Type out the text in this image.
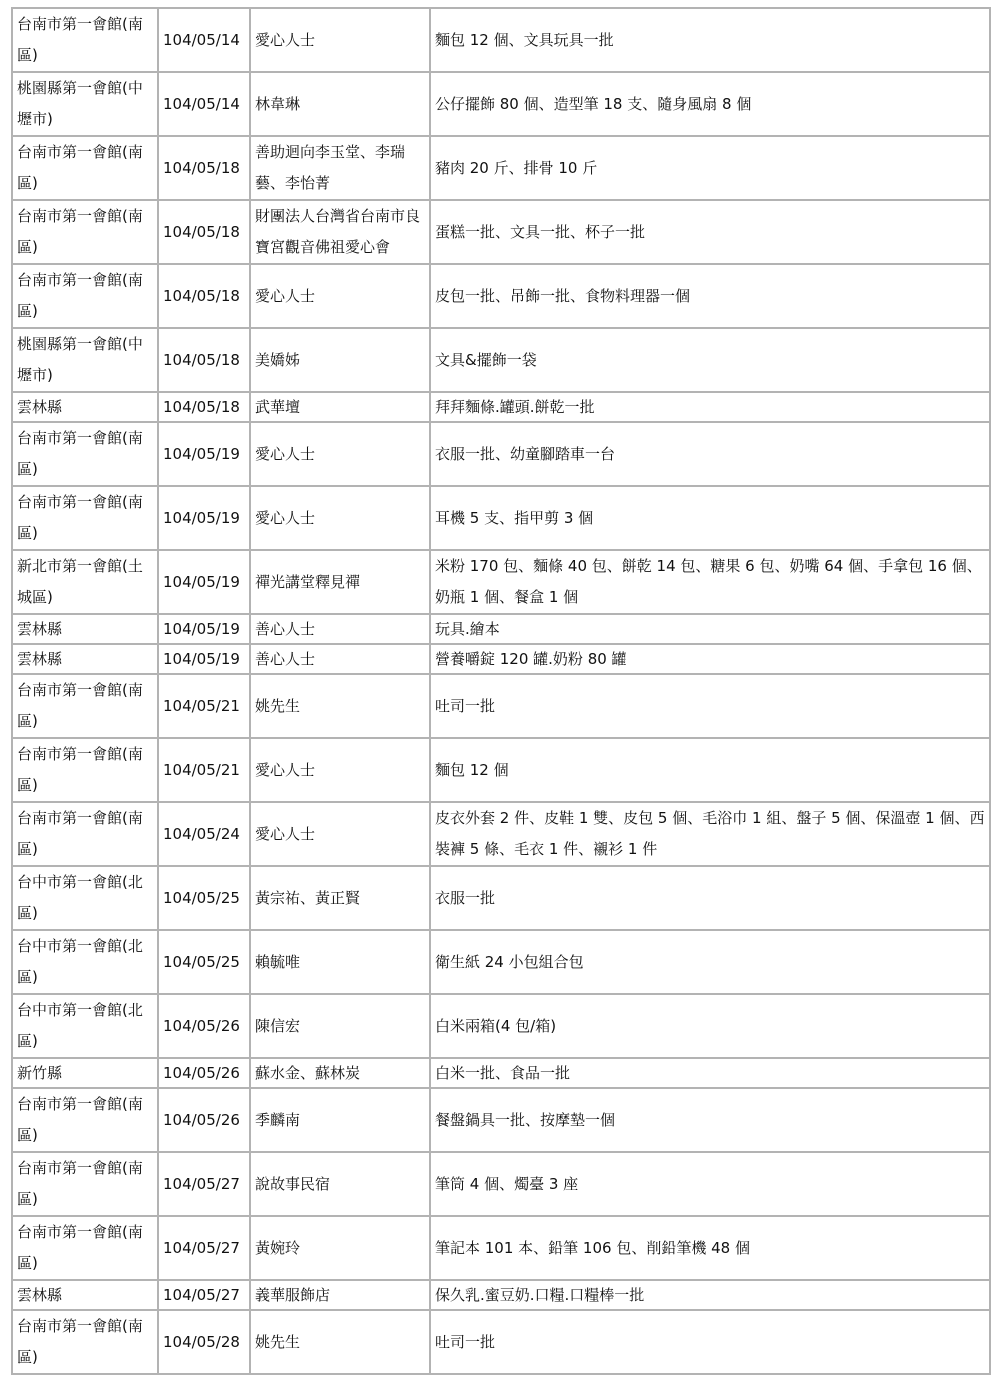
台南市第一會館(南區)	104/05/14	愛心人士	麵包 12 個、文具玩具一批
桃園縣第一會館(中壢市)	104/05/14	林韋琳	公仔擺飾 80 個、造型筆 18 支、隨身風扇 8 個
台南市第一會館(南區)	104/05/18	善助迴向李玉堂、李瑞藝、李怡菁	豬肉 20 斤、排骨 10 斤
台南市第一會館(南區)	104/05/18	財團法人台灣省台南市良寶宮觀音佛祖愛心會	蛋糕一批、文具一批、杯子一批
台南市第一會館(南區)	104/05/18	愛心人士	皮包一批、吊飾一批、食物料理器一個
桃園縣第一會館(中壢市)	104/05/18	美嬌姊	文具&擺飾一袋
雲林縣	104/05/18	武華壇	拜拜麵條.罐頭.餅乾一批
台南市第一會館(南區)	104/05/19	愛心人士	衣服一批、幼童腳踏車一台
台南市第一會館(南區)	104/05/19	愛心人士	耳機 5 支、指甲剪 3 個
新北市第一會館(土城區)	104/05/19	禪光講堂釋見禪	米粉 170 包、麵條 40 包、餅乾 14 包、糖果 6 包、奶嘴 64 個、手拿包 16 個、奶瓶 1 個、餐盒 1 個
雲林縣	104/05/19	善心人士	玩具.繪本
雲林縣	104/05/19	善心人士	營養嚼錠 120 罐.奶粉 80 罐
台南市第一會館(南區)	104/05/21	姚先生	吐司一批
台南市第一會館(南區)	104/05/21	愛心人士	麵包 12 個
台南市第一會館(南區)	104/05/24	愛心人士	皮衣外套 2 件、皮鞋 1 雙、皮包 5 個、毛浴巾 1 組、盤子 5 個、保溫壺 1 個、西裝褲 5 條、毛衣 1 件、襯衫 1 件
台中市第一會館(北區)	104/05/25	黃宗祐、黃正賢	衣服一批
台中市第一會館(北區)	104/05/25	賴毓唯	衛生紙 24 小包組合包
台中市第一會館(北區)	104/05/26	陳信宏	白米兩箱(4 包/箱)
新竹縣	104/05/26	蘇水金、蘇林炭	白米一批、食品一批
台南市第一會館(南區)	104/05/26	季麟南	餐盤鍋具一批、按摩墊一個
台南市第一會館(南區)	104/05/27	說故事民宿	筆筒 4 個、燭臺 3 座
台南市第一會館(南區)	104/05/27	黃婉玲	筆記本 101 本、鉛筆 106 包、削鉛筆機 48 個
雲林縣	104/05/27	義華服飾店	保久乳.蜜豆奶.口糧.口糧棒一批
台南市第一會館(南區)	104/05/28	姚先生	吐司一批
